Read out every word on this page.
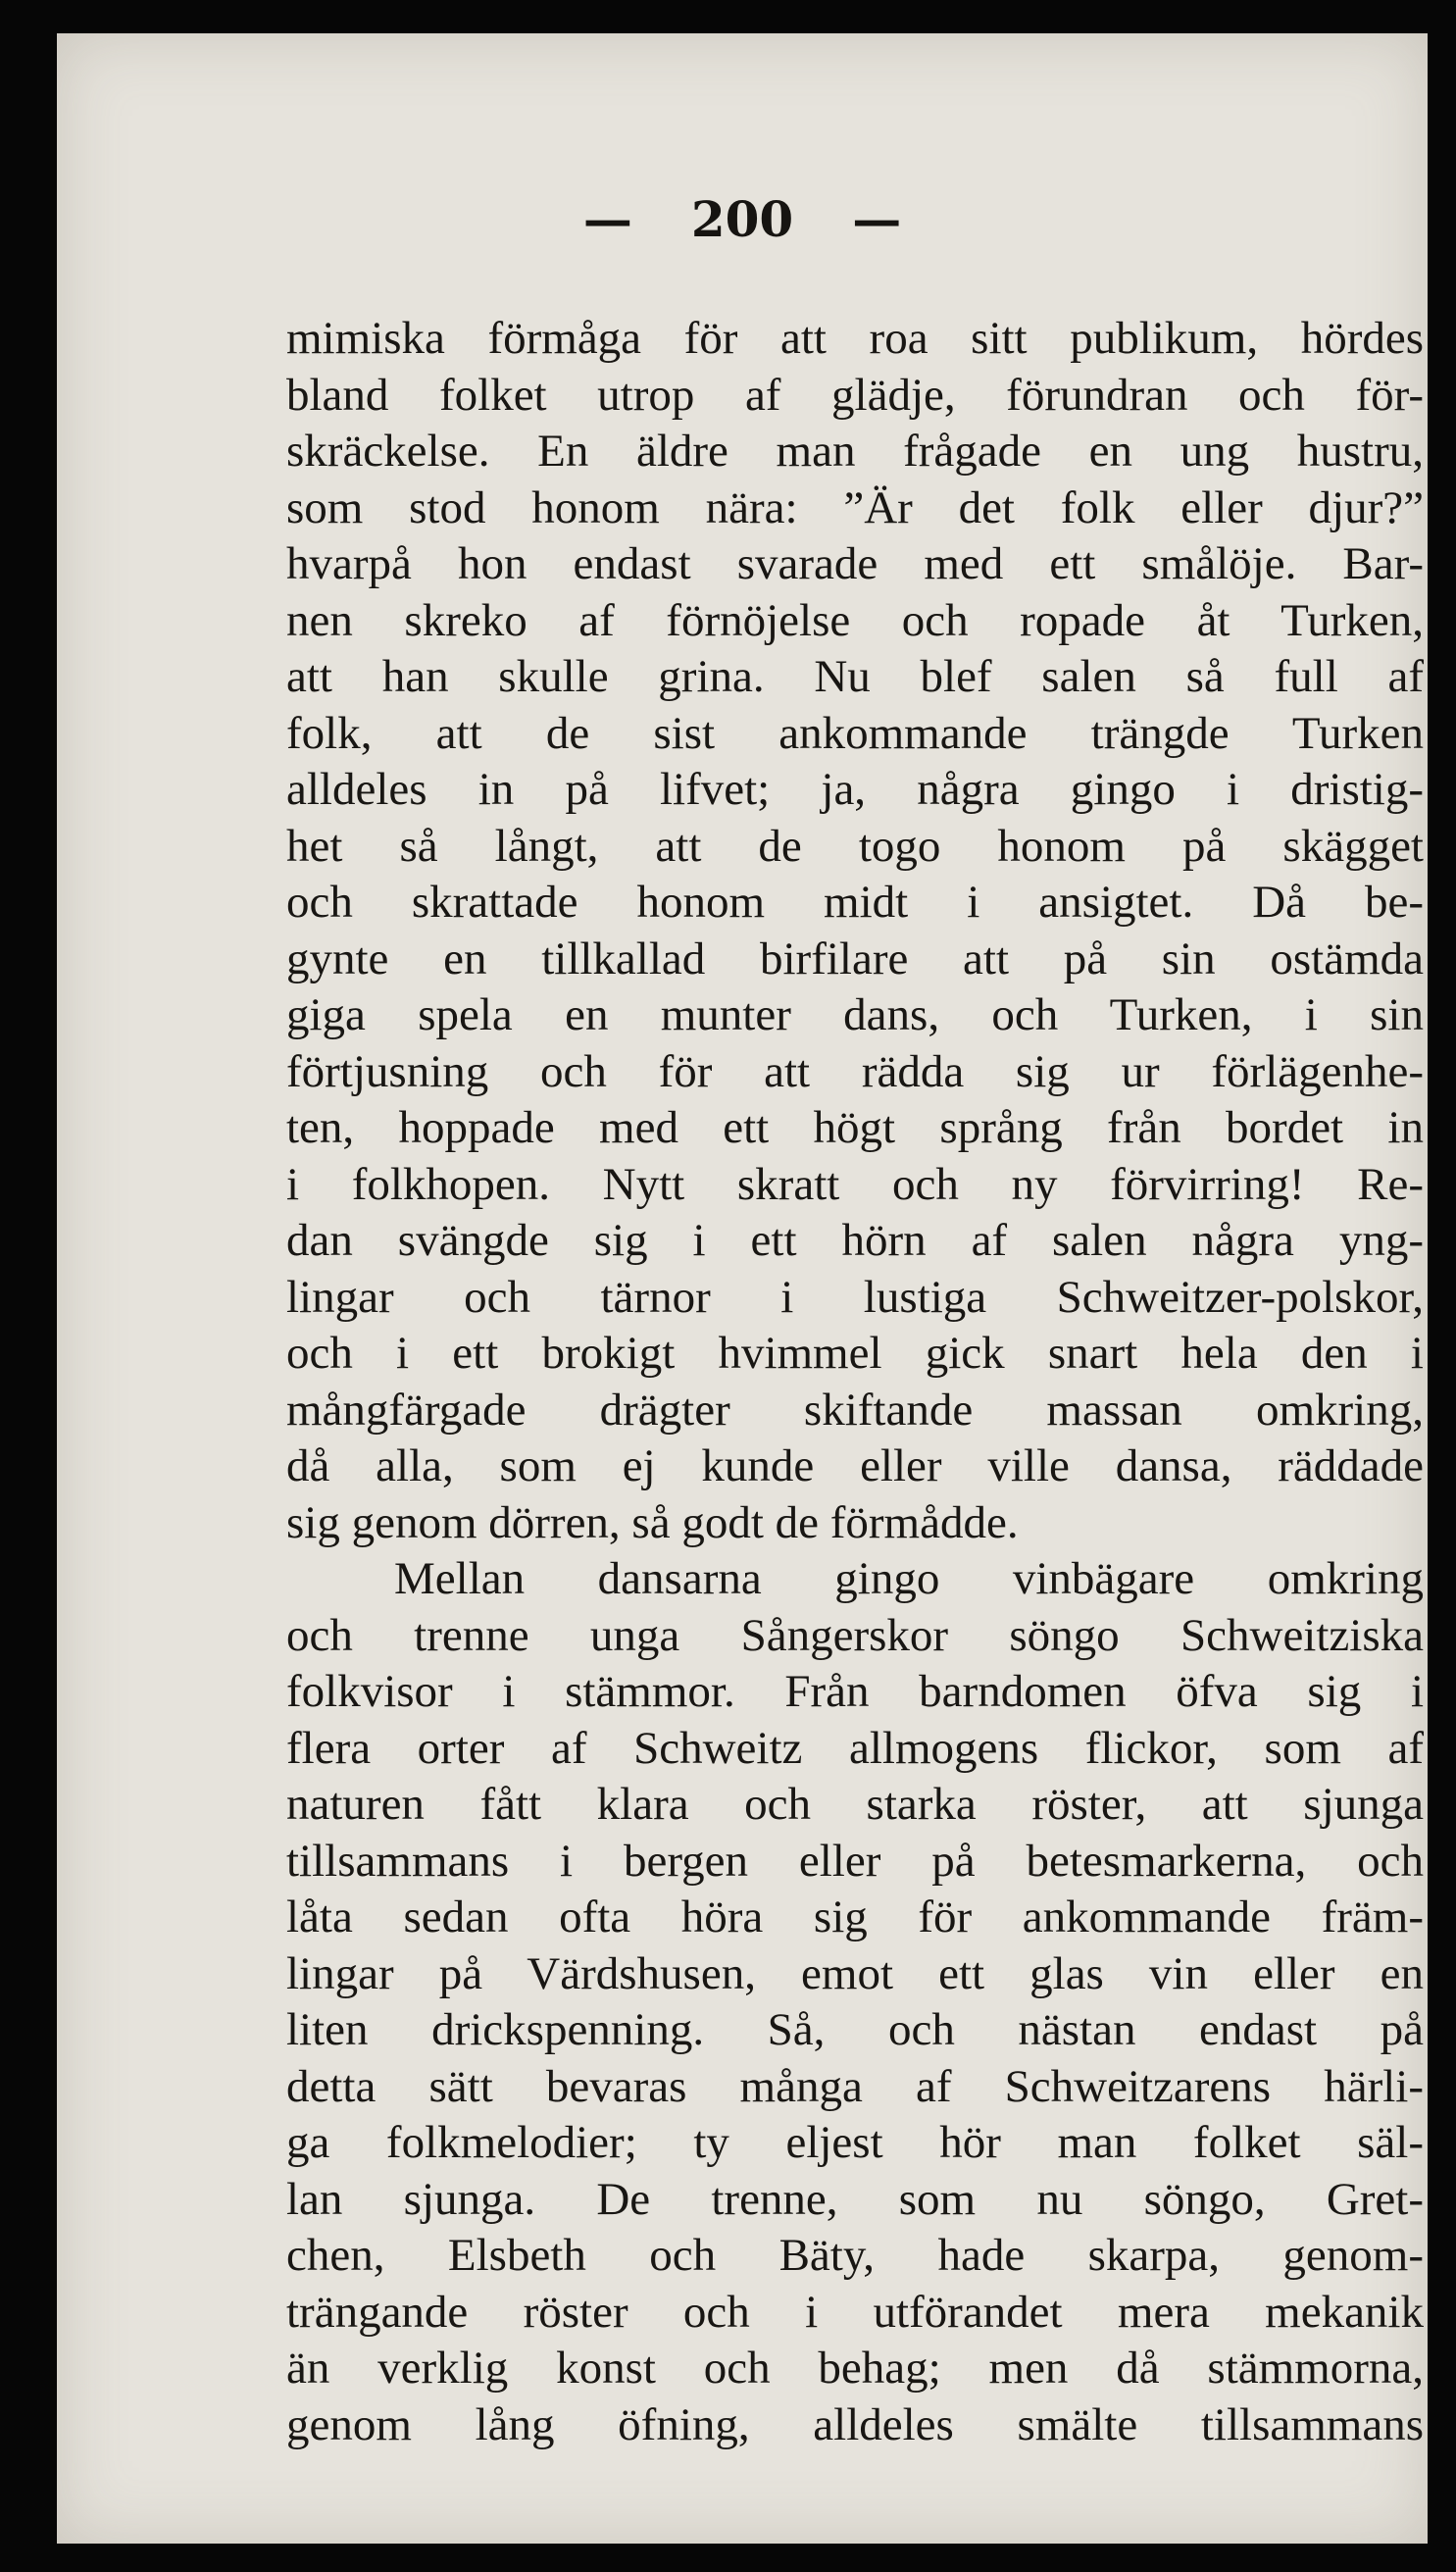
— 200 —
mimiska förmåga för att roa sitt publikum, hördes
bland folket utrop af glädje, förundran och för-
skräckelse. En äldre man frågade en ung hustru,
som stod honom nära: ”Är det folk eller djur?”
hvarpå hon endast svarade med ett smålöje. Bar-
nen skreko af förnöjelse och ropade åt Turken,
att han skulle grina. Nu blef salen så full af
folk, att de sist ankommande trängde Turken
alldeles in på lifvet; ja, några gingo i dristig-
het så långt, att de togo honom på skägget
och skrattade honom midt i ansigtet. Då be-
gynte en tillkallad birfilare att på sin ostämda
giga spela en munter dans, och Turken, i sin
förtjusning och för att rädda sig ur förlägenhe-
ten, hoppade med ett högt språng från bordet in
i folkhopen. Nytt skratt och ny förvirring! Re-
dan svängde sig i ett hörn af salen några yng-
lingar och tärnor i lustiga Schweitzer-polskor,
och i ett brokigt hvimmel gick snart hela den i
mångfärgade drägter skiftande massan omkring,
då alla, som ej kunde eller ville dansa, räddade
sig genom dörren, så godt de förmådde.
Mellan dansarna gingo vinbägare omkring
och trenne unga Sångerskor söngo Schweitziska
folkvisor i stämmor. Från barndomen öfva sig i
flera orter af Schweitz allmogens flickor, som af
naturen fått klara och starka röster, att sjunga
tillsammans i bergen eller på betesmarkerna, och
låta sedan ofta höra sig för ankommande främ-
lingar på Värdshusen, emot ett glas vin eller en
liten drickspenning. Så, och nästan endast på
detta sätt bevaras många af Schweitzarens härli-
ga folkmelodier; ty eljest hör man folket säl-
lan sjunga. De trenne, som nu söngo, Gret-
chen, Elsbeth och Bäty, hade skarpa, genom-
trängande röster och i utförandet mera mekanik
än verklig konst och behag; men då stämmorna,
genom lång öfning, alldeles smälte tillsammans
